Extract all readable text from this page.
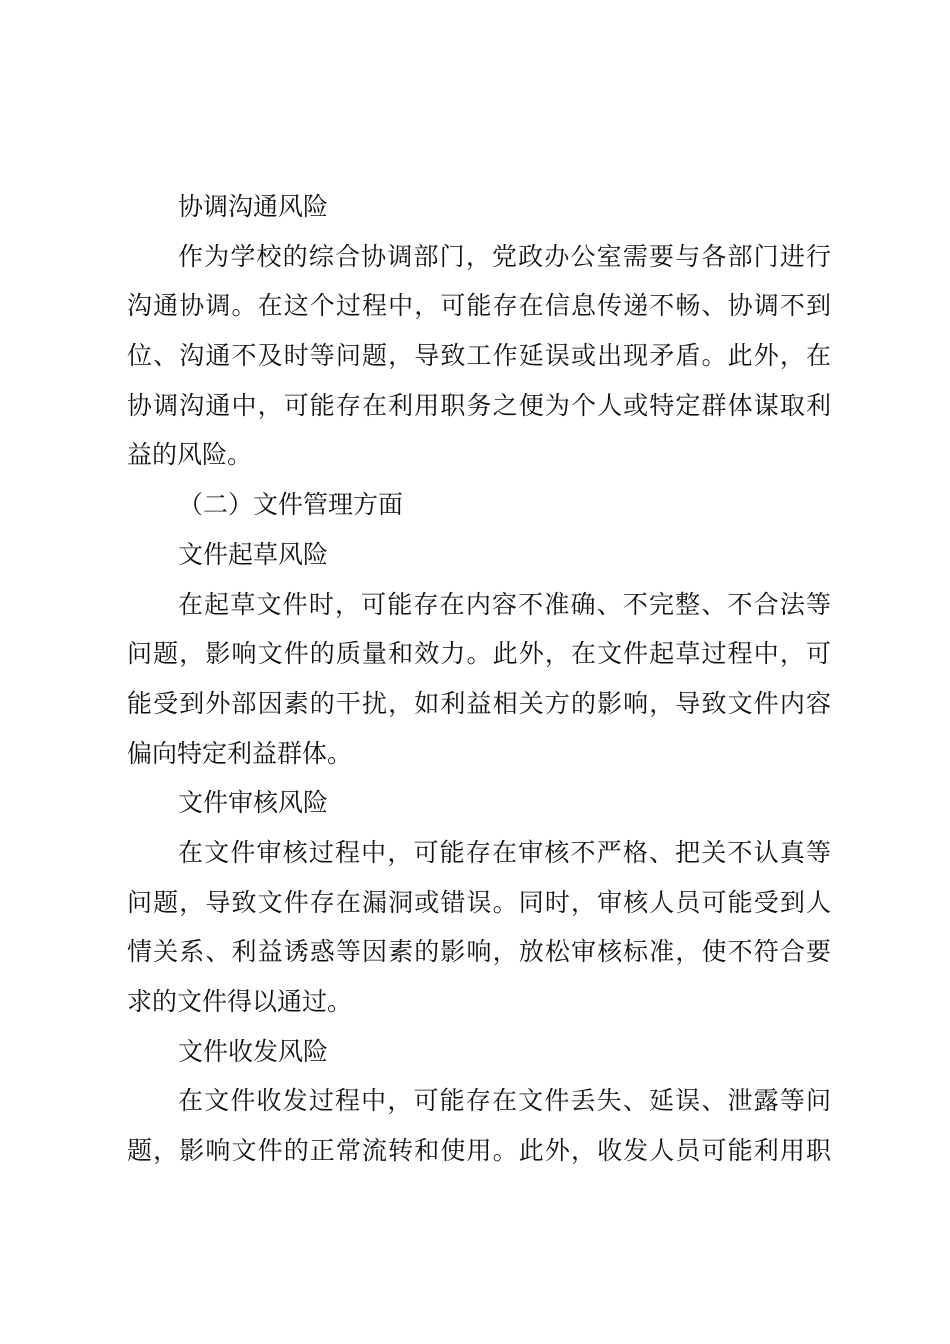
协调沟通风险
作为学校的综合协调部门，党政办公室需要与各部门进行
沟通协调。在这个过程中，可能存在信息传递不畅、协调不到
位、沟通不及时等问题，导致工作延误或出现矛盾。此外，在
协调沟通中，可能存在利用职务之便为个人或特定群体谋取利
益的风险。
（二）文件管理方面
文件起草风险
在起草文件时，可能存在内容不准确、不完整、不合法等
问题，影响文件的质量和效力。此外，在文件起草过程中，可
能受到外部因素的干扰，如利益相关方的影响，导致文件内容
偏向特定利益群体。
文件审核风险
在文件审核过程中，可能存在审核不严格、把关不认真等
问题，导致文件存在漏洞或错误。同时，审核人员可能受到人
情关系、利益诱惑等因素的影响，放松审核标准，使不符合要
求的文件得以通过。
文件收发风险
在文件收发过程中，可能存在文件丢失、延误、泄露等问
题，影响文件的正常流转和使用。此外，收发人员可能利用职
